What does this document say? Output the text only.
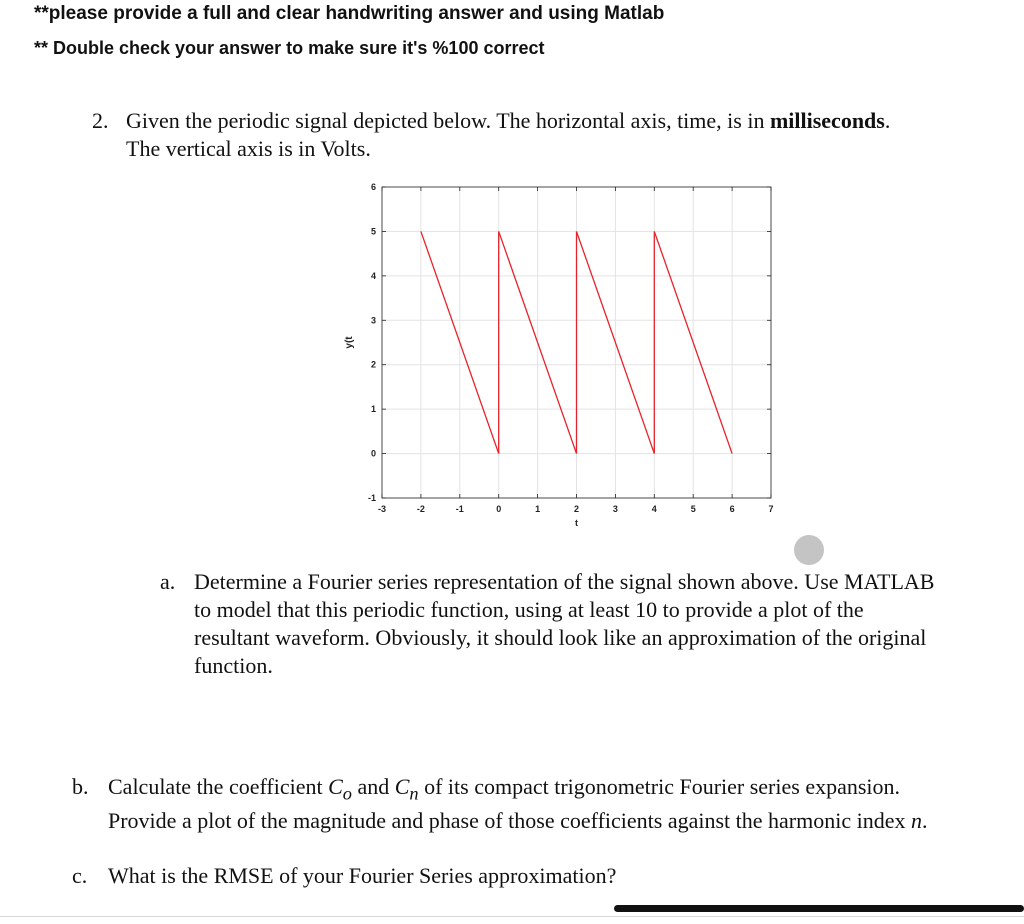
**please provide a full and clear handwriting answer and using Matlab
** Double check your answer to make sure it's %100 correct
2. Given the periodic signal depicted below. The horizontal axis, time, is in milliseconds.
The vertical axis is in Volts.
-3	-2	-1	0	1	2	3	4	5	6	7
-1
0
1
2
3
4
5
6
t
y(t
a. Determine a Fourier series representation of the signal shown above. Use MATLAB to model that this periodic function, using at least 10 to provide a plot of the resultant waveform. Obviously, it should look like an approximation of the original function.
b. Calculate the coefficient $C_o$ and $C_n$ of its compact trigonometric Fourier series expansion. Provide a plot of the magnitude and phase of those coefficients against the harmonic index n.
c. What is the RMSE of your Fourier Series approximation?
